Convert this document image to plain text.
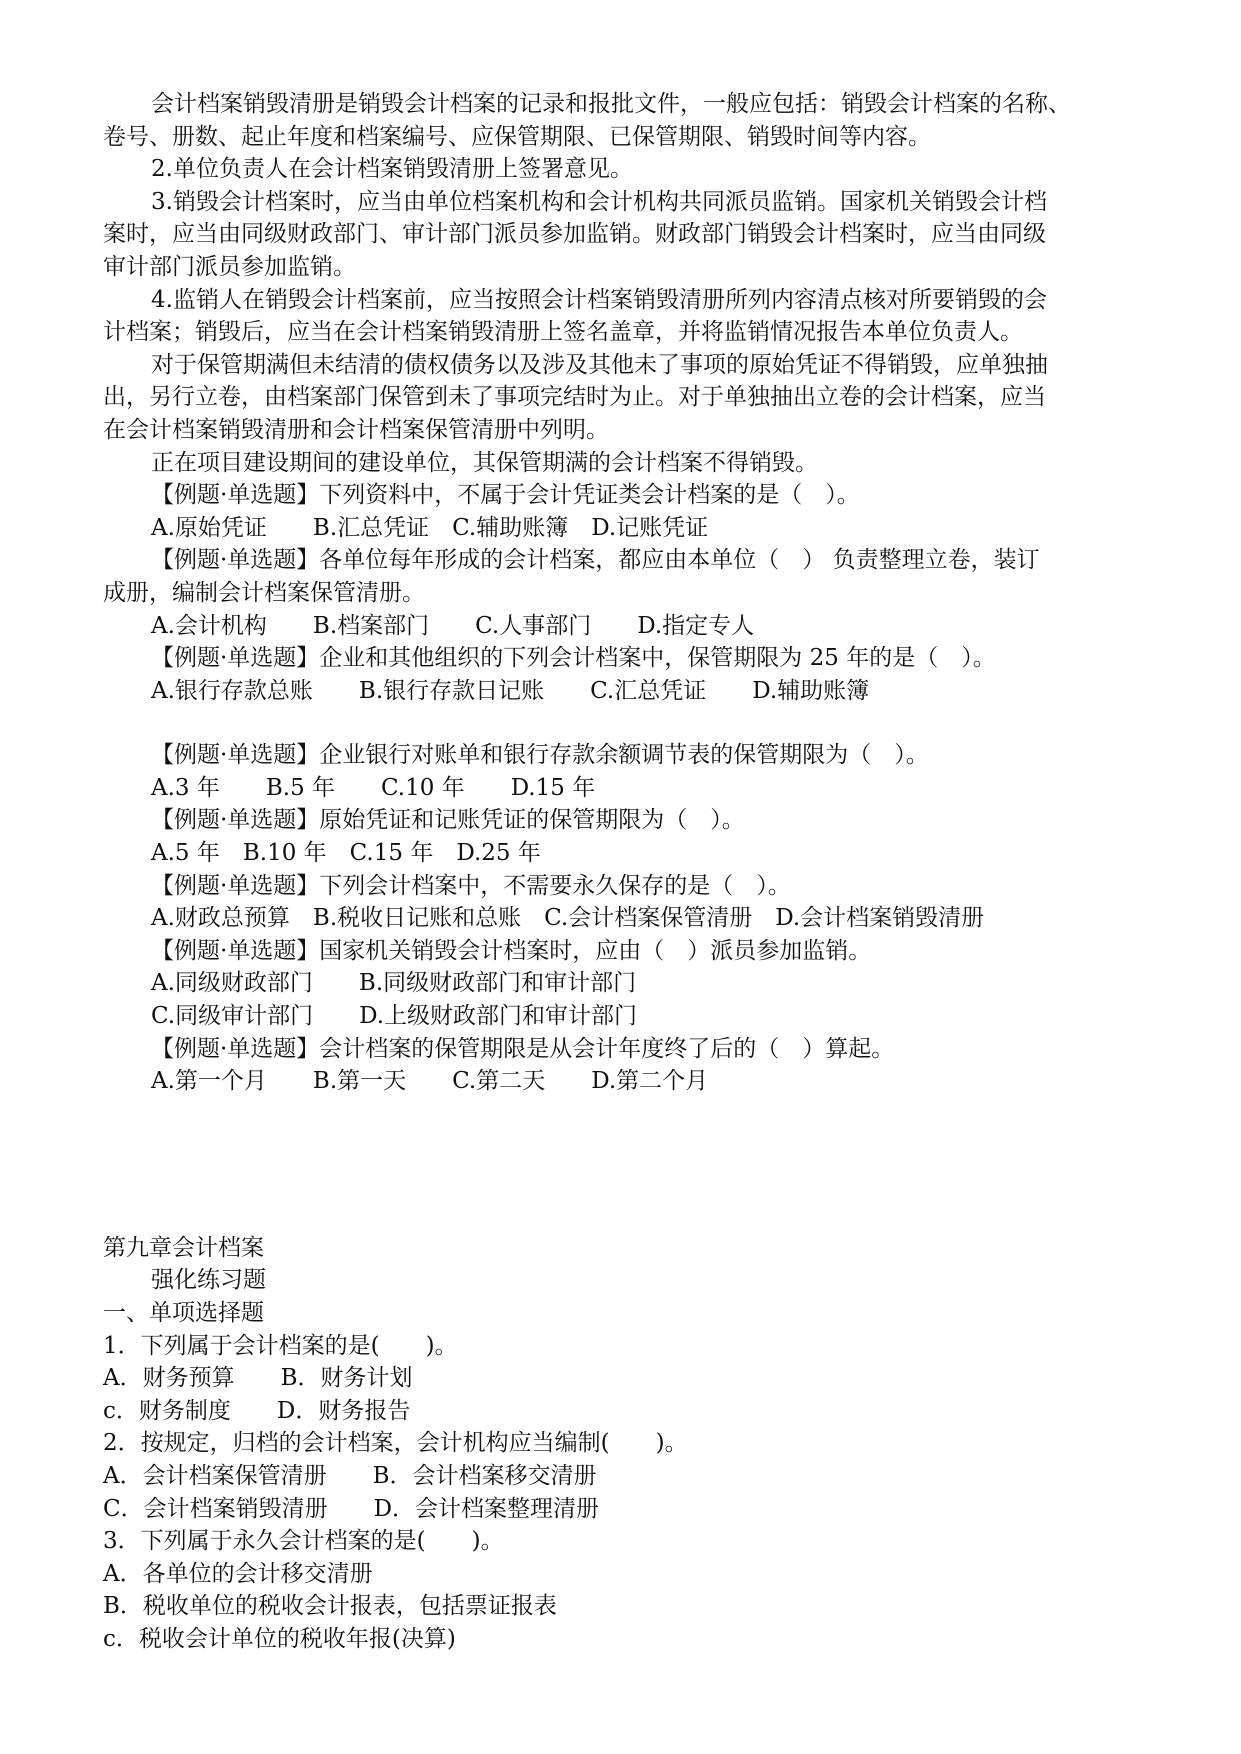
会计档案销毁清册是销毁会计档案的记录和报批文件，一般应包括：销毁会计档案的名称、
卷号、册数、起止年度和档案编号、应保管期限、已保管期限、销毁时间等内容。
2.单位负责人在会计档案销毁清册上签署意见。
3.销毁会计档案时，应当由单位档案机构和会计机构共同派员监销。国家机关销毁会计档
案时，应当由同级财政部门、审计部门派员参加监销。财政部门销毁会计档案时，应当由同级
审计部门派员参加监销。
4.监销人在销毁会计档案前，应当按照会计档案销毁清册所列内容清点核对所要销毁的会
计档案；销毁后，应当在会计档案销毁清册上签名盖章，并将监销情况报告本单位负责人。
对于保管期满但未结清的债权债务以及涉及其他未了事项的原始凭证不得销毁，应单独抽
出，另行立卷，由档案部门保管到未了事项完结时为止。对于单独抽出立卷的会计档案，应当
在会计档案销毁清册和会计档案保管清册中列明。
正在项目建设期间的建设单位，其保管期满的会计档案不得销毁。
【例题·单选题】下列资料中，不属于会计凭证类会计档案的是（　）。
A.原始凭证　　B.汇总凭证　C.辅助账簿　D.记账凭证
【例题·单选题】各单位每年形成的会计档案，都应由本单位（　） 负责整理立卷，装订
成册，编制会计档案保管清册。
A.会计机构　　B.档案部门　　C.人事部门　　D.指定专人
【例题·单选题】企业和其他组织的下列会计档案中，保管期限为 25 年的是（　）。
A.银行存款总账　　B.银行存款日记账　　C.汇总凭证　　D.辅助账簿
【例题·单选题】企业银行对账单和银行存款余额调节表的保管期限为（　）。
A.3 年　　B.5 年　　C.10 年　　D.15 年
【例题·单选题】原始凭证和记账凭证的保管期限为（　）。
A.5 年　B.10 年　C.15 年　D.25 年
【例题·单选题】下列会计档案中，不需要永久保存的是（　）。
A.财政总预算　B.税收日记账和总账　C.会计档案保管清册　D.会计档案销毁清册
【例题·单选题】国家机关销毁会计档案时，应由（　）派员参加监销。
A.同级财政部门　　B.同级财政部门和审计部门
C.同级审计部门　　D.上级财政部门和审计部门
【例题·单选题】会计档案的保管期限是从会计年度终了后的（　）算起。
A.第一个月　　B.第一天　　C.第二天　　D.第二个月
第九章会计档案
强化练习题
一、单项选择题
1．下列属于会计档案的是(　　)。
A．财务预算　　B．财务计划
c．财务制度　　D．财务报告
2．按规定，归档的会计档案，会计机构应当编制(　　)。
A．会计档案保管清册　　B．会计档案移交清册
C．会计档案销毁清册　　D．会计档案整理清册
3．下列属于永久会计档案的是(　　)。
A．各单位的会计移交清册
B．税收单位的税收会计报表，包括票证报表
c．税收会计单位的税收年报(决算)
